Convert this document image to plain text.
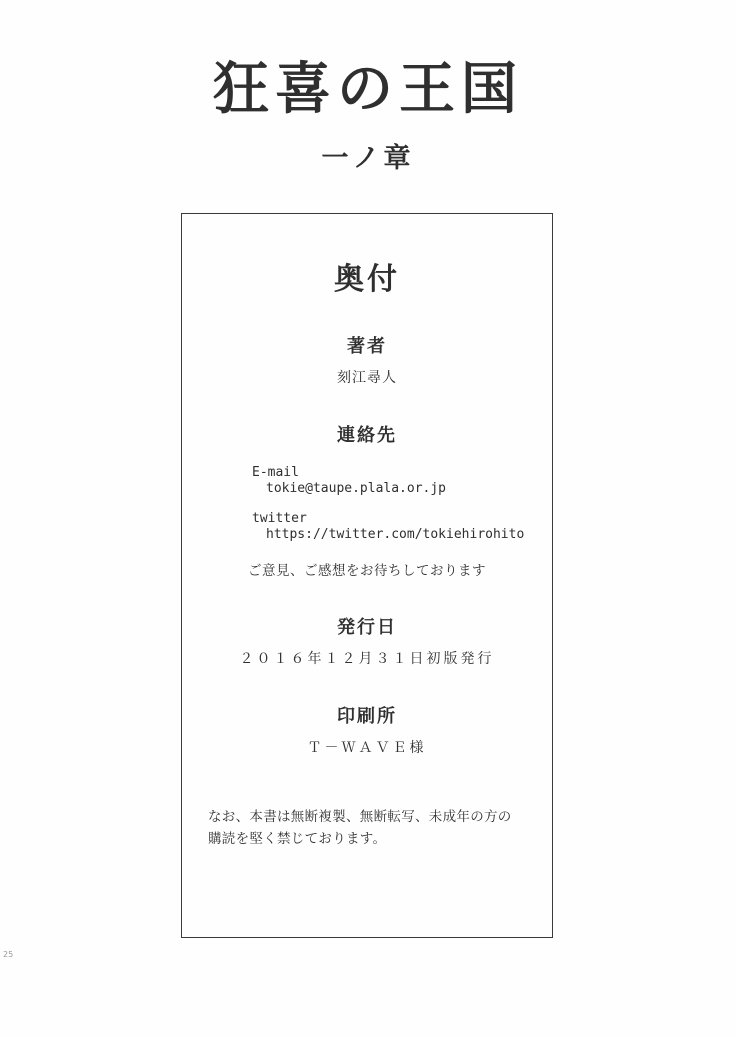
狂喜の王国
一ノ章
奥付
著者
刻江尋人
連絡先
E-mail
tokie@taupe.plala.or.jp
twitter
https://twitter.com/tokiehirohito
ご意見、ご感想をお待ちしております
発行日
２０１６年１２月３１日初版発行
印刷所
Ｔ－ＷＡＶＥ様
なお、本書は無断複製、無断転写、未成年の方の
購読を堅く禁じております。
25
